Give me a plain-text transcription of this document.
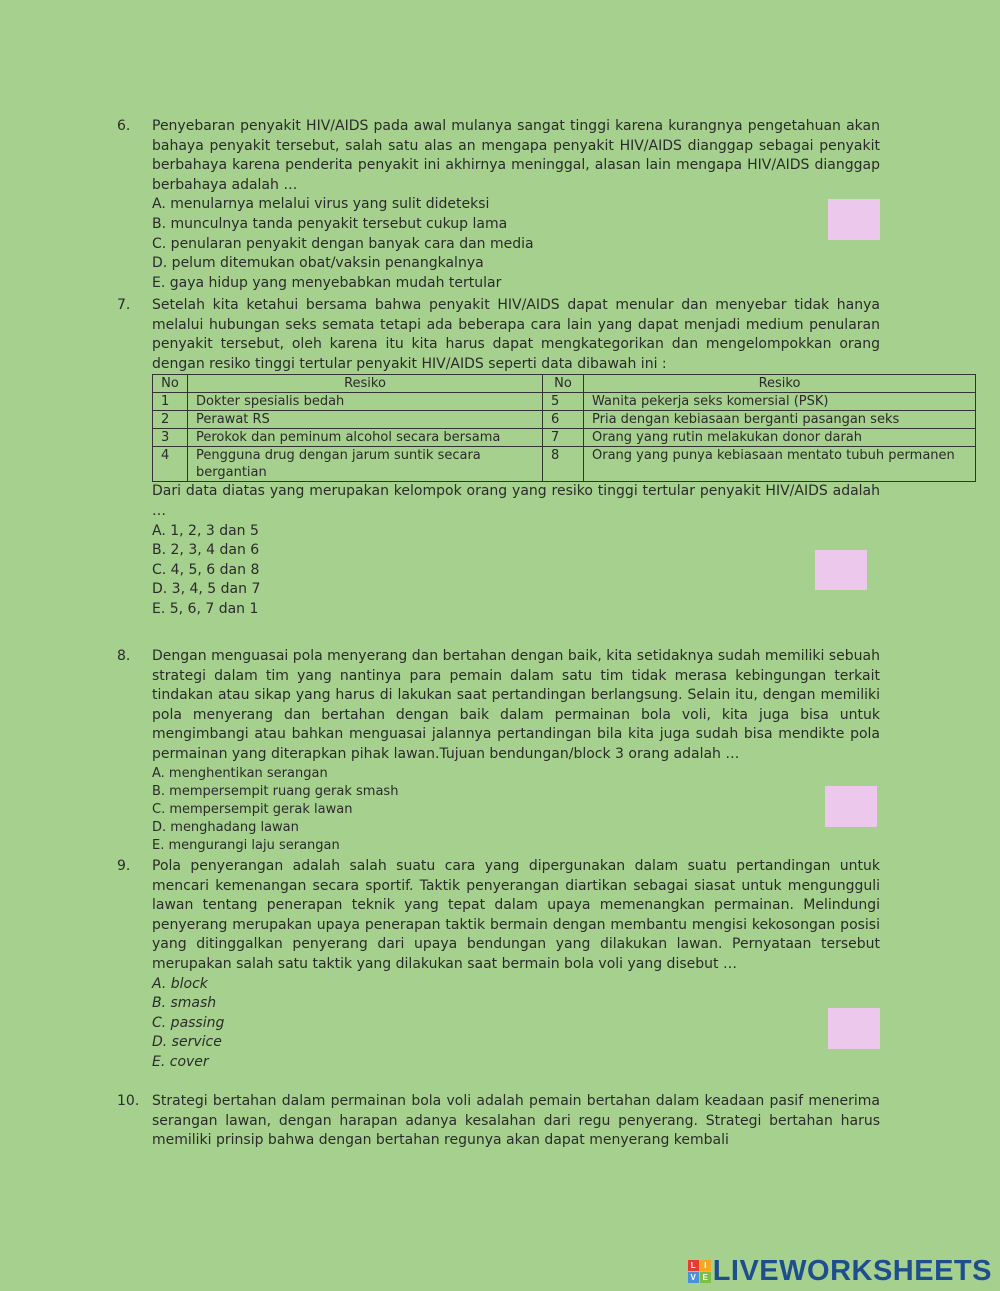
6. Penyebaran penyakit HIV/AIDS pada awal mulanya sangat tinggi karena kurangnya pengetahuan akan bahaya penyakit tersebut, salah satu alas an mengapa penyakit HIV/AIDS dianggap sebagai penyakit berbahaya karena penderita penyakit ini akhirnya meninggal, alasan lain mengapa HIV/AIDS dianggap berbahaya adalah …
A. menularnya melalui virus yang sulit dideteksi
B. munculnya tanda penyakit tersebut cukup lama
C. penularan penyakit dengan banyak cara dan media
D. pelum ditemukan obat/vaksin penangkalnya
E. gaya hidup yang menyebabkan mudah tertular
7. Setelah kita ketahui bersama bahwa penyakit HIV/AIDS dapat menular dan menyebar tidak hanya melalui hubungan seks semata tetapi ada beberapa cara lain yang dapat menjadi medium penularan penyakit tersebut, oleh karena itu kita harus dapat mengkategorikan dan mengelompokkan orang dengan resiko tinggi tertular penyakit HIV/AIDS seperti data dibawah ini :
No	Resiko	No	Resiko
1	Dokter spesialis bedah	5	Wanita pekerja seks komersial (PSK)
2	Perawat RS	6	Pria dengan kebiasaan berganti pasangan seks
3	Perokok dan peminum alcohol secara bersama	7	Orang yang rutin melakukan donor darah
4	Pengguna drug dengan jarum suntik secara bergantian	8	Orang yang punya kebiasaan mentato tubuh permanen
Dari data diatas yang merupakan kelompok orang yang resiko tinggi tertular penyakit HIV/AIDS adalah …
A. 1, 2, 3 dan 5
B. 2, 3, 4 dan 6
C. 4, 5, 6 dan 8
D. 3, 4, 5 dan 7
E. 5, 6, 7 dan 1
8. Dengan menguasai pola menyerang dan bertahan dengan baik, kita setidaknya sudah memiliki sebuah strategi dalam tim yang nantinya para pemain dalam satu tim tidak merasa kebingungan terkait tindakan atau sikap yang harus di lakukan saat pertandingan berlangsung. Selain itu, dengan memiliki pola menyerang dan bertahan dengan baik dalam permainan bola voli, kita juga bisa untuk mengimbangi atau bahkan menguasai jalannya pertandingan bila kita juga sudah bisa mendikte pola permainan yang diterapkan pihak lawan.Tujuan bendungan/block 3 orang adalah …
A. menghentikan serangan
B. mempersempit ruang gerak smash
C. mempersempit gerak lawan
D. menghadang lawan
E. mengurangi laju serangan
9. Pola penyerangan adalah salah suatu cara yang dipergunakan dalam suatu pertandingan untuk mencari kemenangan secara sportif. Taktik penyerangan diartikan sebagai siasat untuk mengungguli lawan tentang penerapan teknik yang tepat dalam upaya memenangkan permainan. Melindungi penyerang merupakan upaya penerapan taktik bermain dengan membantu mengisi kekosongan posisi yang ditinggalkan penyerang dari upaya bendungan yang dilakukan lawan. Pernyataan tersebut merupakan salah satu taktik yang dilakukan saat bermain bola voli yang disebut …
A. block
B. smash
C. passing
D. service
E. cover
10. Strategi bertahan dalam permainan bola voli adalah pemain bertahan dalam keadaan pasif menerima serangan lawan, dengan harapan adanya kesalahan dari regu penyerang. Strategi bertahan harus memiliki prinsip bahwa dengan bertahan regunya akan dapat menyerang kembali
L	I
V E LIVEWORKSHEETS
